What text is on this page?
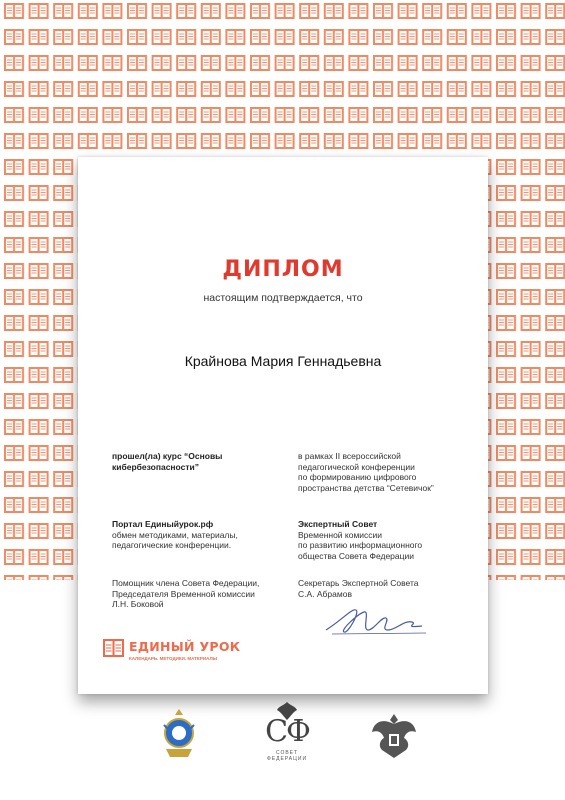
ДИПЛОМ
настоящим подтверждается, что
Крайнова Мария Геннадьевна
прошел(ла) курс “Основы
кибербезопасности”
в рамках II всероссийской
педагогической конференции
по формированию цифрового
пространства детства “Сетевичок”
Портал Единыйурок.рф
обмен методиками, материалы,
педагогические конференции.
Экспертный Совет
Временной комиссии
по развитию информационного
общества Совета Федерации
Помощник члена Совета Федерации,
Председателя Временной комиссии
Л.Н. Боковой
Секретарь Экспертной Совета
С.А. Абрамов
ЕДИНЫЙ УРОК
КАЛЕНДАРЬ. МЕТОДИКИ. МАТЕРИАЛЫ
СФ
СОВЕТ
ФЕДЕРАЦИИ
